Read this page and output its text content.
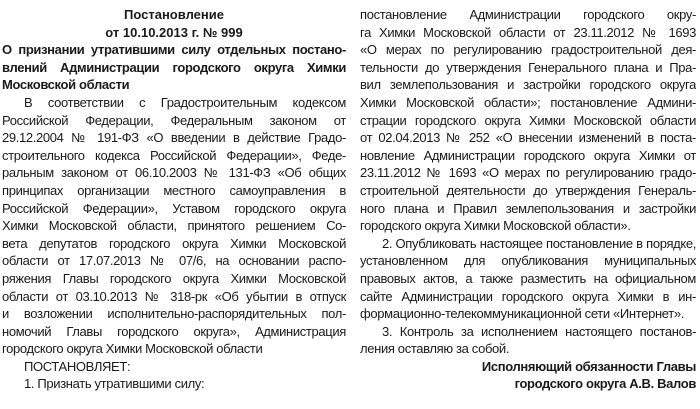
Постановление
от 10.10.2013 г. № 999
О признании утратившими силу отдельных постано-
влений Администрации городского округа Химки
Московской области
В соответствии с Градостроительным кодексом
Российской Федерации, Федеральным законом от
29.12.2004 № 191-ФЗ «О введении в действие Градо-
строительного кодекса Российской Федерации», Феде-
ральным законом от 06.10.2003 № 131-ФЗ «Об общих
принципах организации местного самоуправления в
Российской Федерации», Уставом городского округа
Химки Московской области, принятого решением Со-
вета депутатов городского округа Химки Московской
области от 17.07.2013 № 07/6, на основании распо-
ряжения Главы городского округа Химки Московской
области от 03.10.2013 № 318-рк «Об убытии в отпуск
и возложении исполнительно-распорядительных пол-
номочий Главы городского округа», Администрация
городского округа Химки Московской области
ПОСТАНОВЛЯЕТ:
1. Признать утратившими силу:
постановление Администрации городского окру-
га Химки Московской области от 23.11.2012 № 1693
«О мерах по регулированию градостроительной дея-
тельности до утверждения Генерального плана и Пра-
вил землепользования и застройки городского округа
Химки Московской области»; постановление Админи-
страции городского округа Химки Московской области
от 02.04.2013 № 252 «О внесении изменений в поста-
новление Администрации городского округа Химки от
23.11.2012 № 1693 «О мерах по регулированию градо-
строительной деятельности до утверждения Генераль-
ного плана и Правил землепользования и застройки
городского округа Химки Московской области».
2. Опубликовать настоящее постановление в порядке,
установленном для опубликования муниципальных
правовых актов, а также разместить на официальном
сайте Администрации городского округа Химки в ин-
формационно-телекоммуникационной сети «Интернет».
3. Контроль за исполнением настоящего постанов-
ления оставляю за собой.
Исполняющий обязанности Главы
городского округа А.В. Валов
